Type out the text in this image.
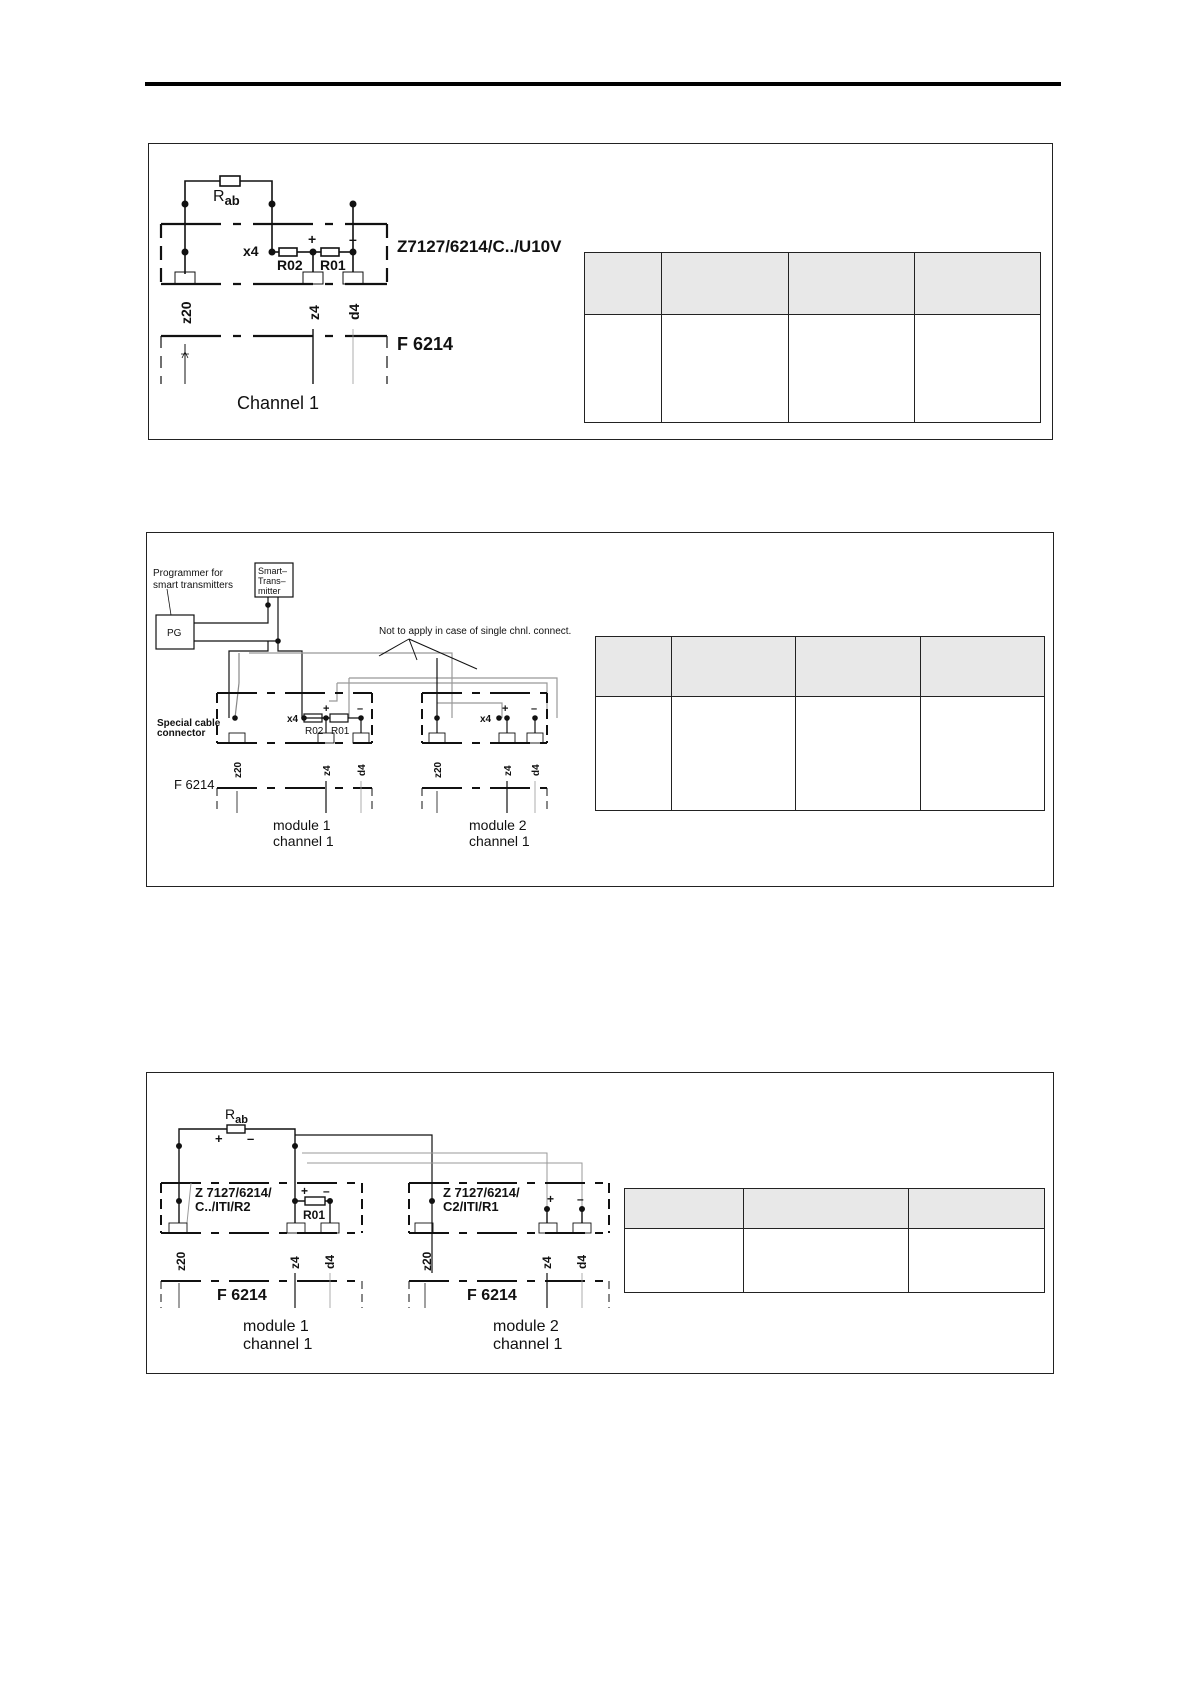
$R_{ab}$
x4
+ –
R02 R01
Z7127/6214/C../U10V
z20	z4 d4
F 6214
Channel 1

Programmer for
smart transmitters
PG
Smart–
Trans–
mitter
Not to apply in case of single chnl. connect.
Special cable
connector
x4
+	–
R02 R01
x4
+ –
z20	z4 d4	z20	z4 d4
F 6214
module 1
channel 1
module 2
channel 1

$R_{ab}$
+ –
Z 7127/6214/
C../ITI/R2
+ –
R01
Z 7127/6214/
C2/ITI/R1	+ –
z20	z4 d4	z20	z4 d4
F 6214	F 6214
module 1
channel 1
module 2
channel 1
